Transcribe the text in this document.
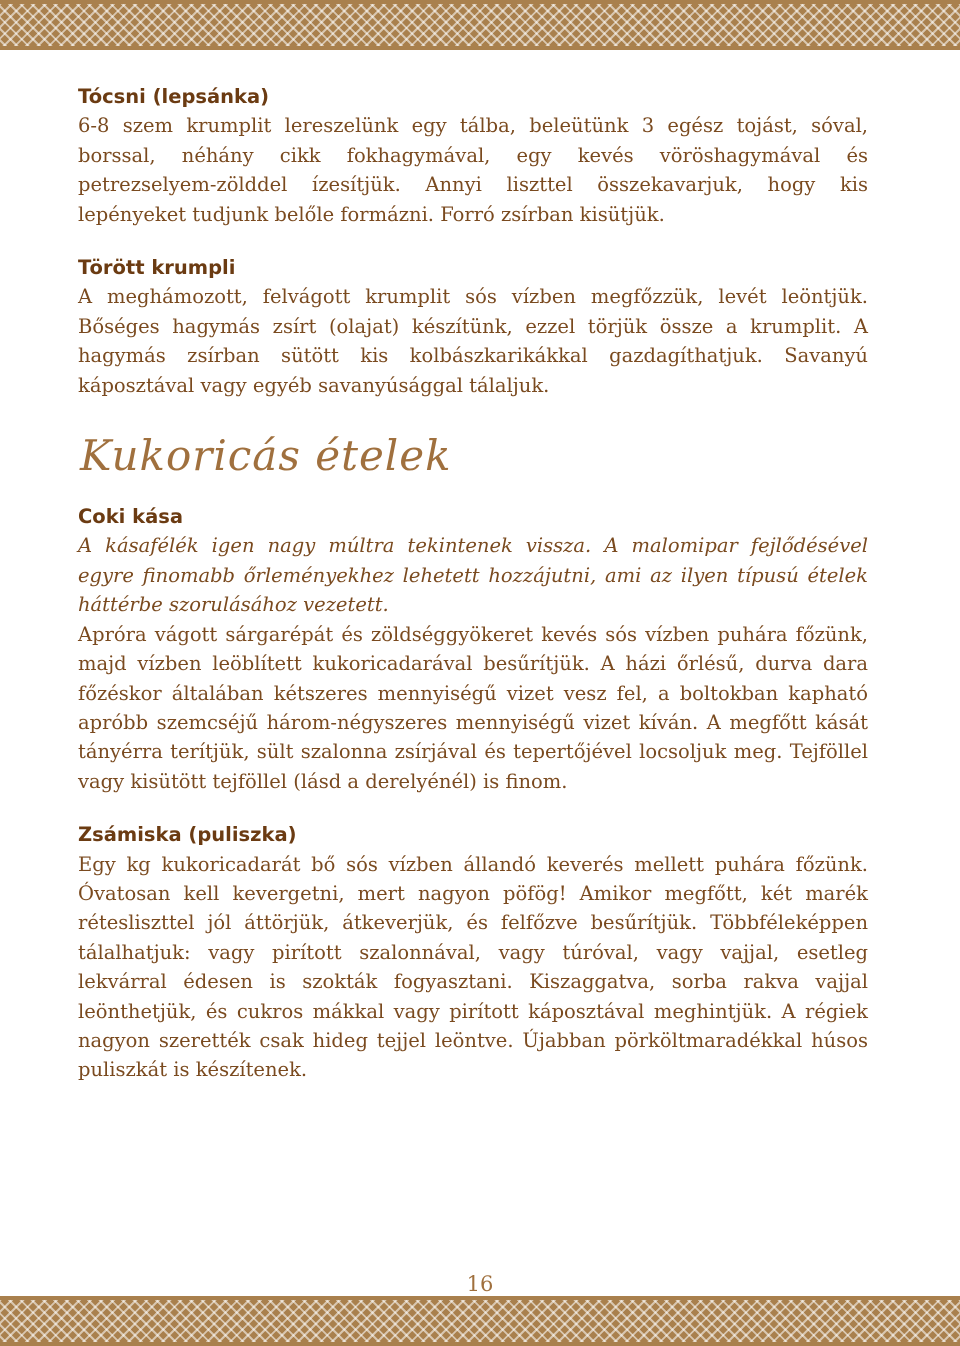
Tócsni (lepsánka)

6-8 szem krumplit lereszelünk egy tálba, beleütünk 3 egész tojást, sóval, borssal, néhány cikk fokhagymával, egy kevés vöröshagymával és petrezselyem-zölddel ízesítjük. Annyi liszttel összekavarjuk, hogy kis lepényeket tudjunk belőle formázni. Forró zsírban kisütjük.

Törött krumpli

A meghámozott, felvágott krumplit sós vízben megfőzzük, levét leöntjük. Bőséges hagymás zsírt (olajat) készítünk, ezzel törjük össze a krumplit. A hagymás zsírban sütött kis kolbászkarikákkal gazdagíthatjuk. Savanyú káposztával vagy egyéb savanyúsággal tálaljuk.

Kukoricás ételek

Coki kása

A kásafélék igen nagy múltra tekintenek vissza. A malomipar fejlődésével egyre finomabb őrleményekhez lehetett hozzájutni, ami az ilyen típusú ételek háttérbe szorulásához vezetett.

Apróra vágott sárgarépát és zöldséggyökeret kevés sós vízben puhára főzünk, majd vízben leöblített kukoricadarával besűrítjük. A házi őrlésű, durva dara főzéskor általában kétszeres mennyiségű vizet vesz fel, a boltokban kapható apróbb szemcséjű három-négyszeres mennyiségű vizet kíván. A megfőtt kását tányérra terítjük, sült szalonna zsírjával és tepertőjével locsoljuk meg. Tejföllel vagy kisütött tejföllel (lásd a derelyénél) is finom.

Zsámiska (puliszka)

Egy kg kukoricadarát bő sós vízben állandó keverés mellett puhára főzünk. Óvatosan kell kevergetni, mert nagyon pöfög! Amikor megfőtt, két marék rétesliszttel jól áttörjük, átkeverjük, és felfőzve besűrítjük. Többféleképpen tálalhatjuk: vagy pirított szalonnával, vagy túróval, vagy vajjal, esetleg lekvárral édesen is szokták fogyasztani. Kiszaggatva, sorba rakva vajjal leönthetjük, és cukros mákkal vagy pirított káposztával meghintjük. A régiek nagyon szerették csak hideg tejjel leöntve. Újabban pörköltmaradékkal húsos puliszkát is készítenek.

16
